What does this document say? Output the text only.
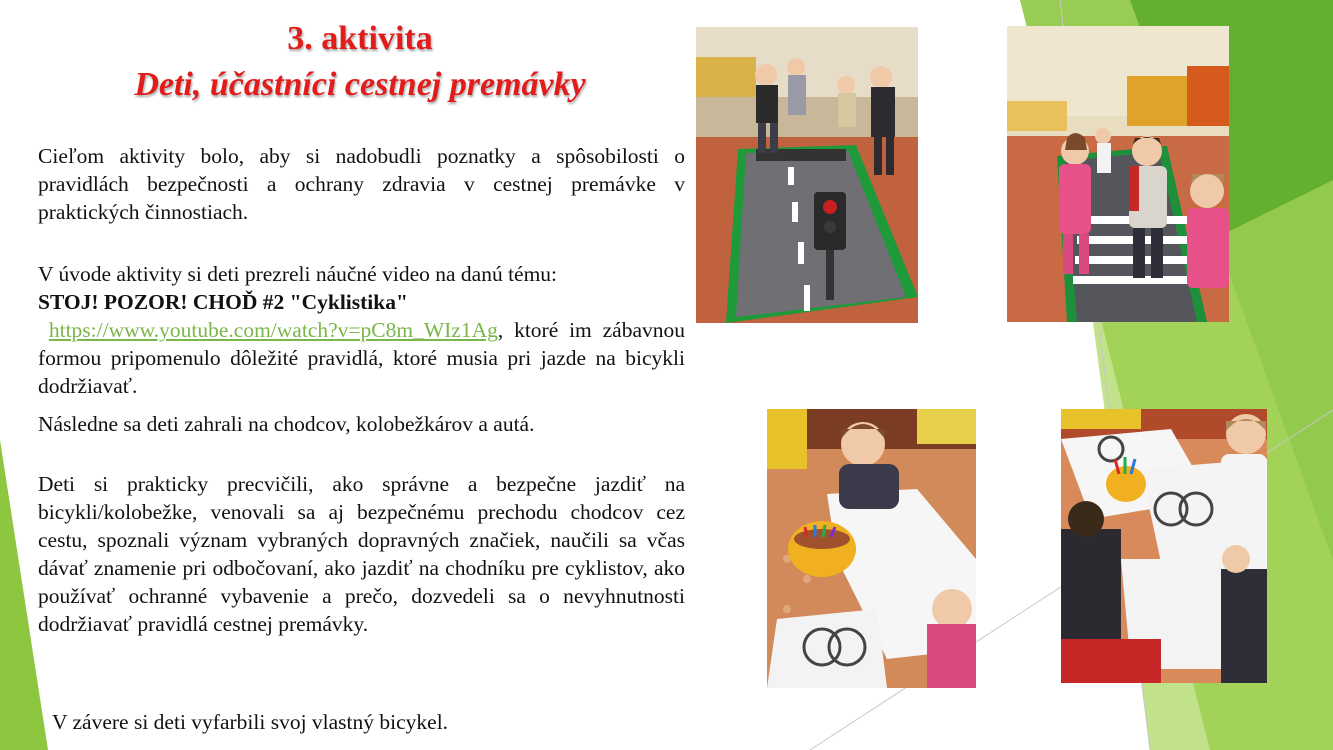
3. aktivita
Deti, účastníci cestnej premávky

Cieľom aktivity bolo, aby si nadobudli poznatky a spôsobilosti o pravidlách bezpečnosti a ochrany zdravia v cestnej premávke v praktických činnostiach.

V úvode aktivity si deti prezreli náučné video na danú tému:
STOJ! POZOR! CHOĎ #2 "Cyklistika"
https://www.youtube.com/watch?v=pC8m_WIz1Ag, ktoré im zábavnou formou pripomenulo dôležité pravidlá, ktoré musia pri jazde na bicykli dodržiavať.

Následne sa deti zahrali na chodcov, kolobežkárov a autá.

Deti si prakticky precvičili, ako správne a bezpečne jazdiť na bicykli/kolobežke, venovali sa aj bezpečnému prechodu chodcov cez cestu, spoznali význam vybraných dopravných značiek, naučili sa včas dávať znamenie pri odbočovaní, ako jazdiť na chodníku pre cyklistov, ako používať ochranné vybavenie a prečo, dozvedeli sa o nevyhnutnosti dodržiavať pravidlá cestnej premávky.

V závere si deti vyfarbili svoj vlastný bicykel.
